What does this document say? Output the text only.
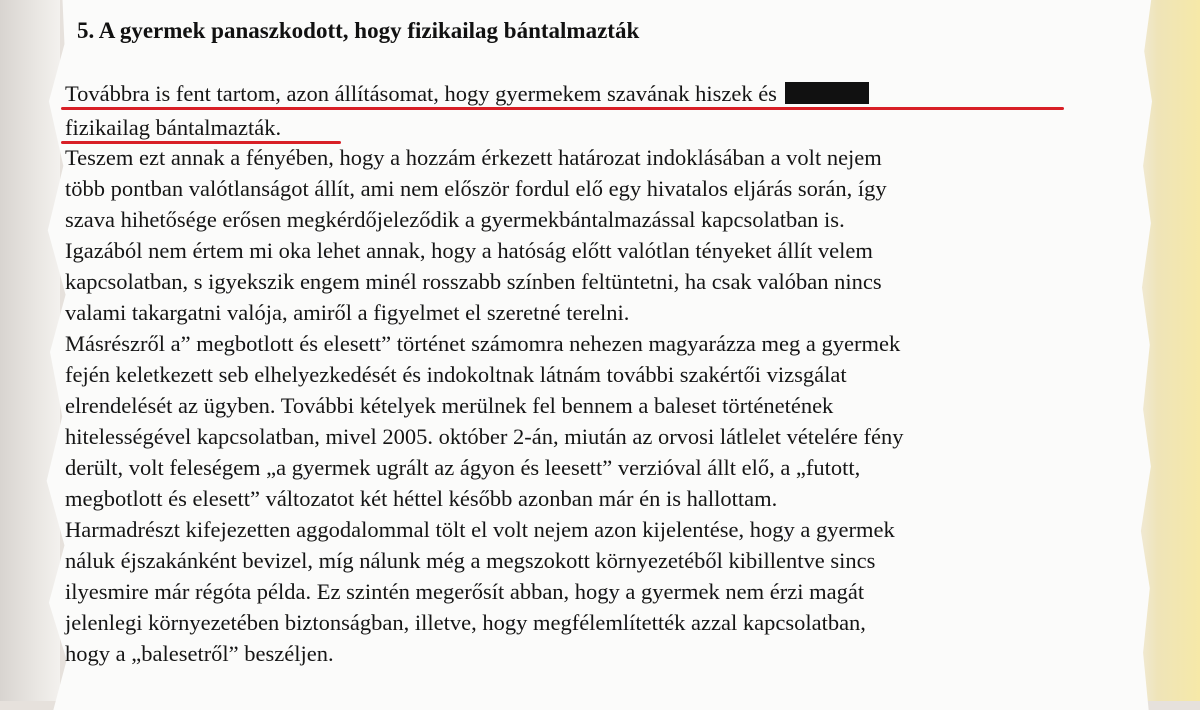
5. A gyermek panaszkodott, hogy fizikailag bántalmazták
Továbbra is fent tartom, azon állításomat, hogy gyermekem szavának hiszek és
fizikailag bántalmazták.
Teszem ezt annak a fényében, hogy a hozzám érkezett határozat indoklásában a volt nejem
több pontban valótlanságot állít, ami nem először fordul elő egy hivatalos eljárás során, így
szava hihetősége erősen megkérdőjeleződik a gyermekbántalmazással kapcsolatban is.
Igazából nem értem mi oka lehet annak, hogy a hatóság előtt valótlan tényeket állít velem
kapcsolatban, s igyekszik engem minél rosszabb színben feltüntetni, ha csak valóban nincs
valami takargatni valója, amiről a figyelmet el szeretné terelni.
Másrészről a” megbotlott és elesett” történet számomra nehezen magyarázza meg a gyermek
fején keletkezett seb elhelyezkedését és indokoltnak látnám további szakértői vizsgálat
elrendelését az ügyben. További kételyek merülnek fel bennem a baleset történetének
hitelességével kapcsolatban, mivel 2005. október 2-án, miután az orvosi látlelet vételére fény
derült, volt feleségem „a gyermek ugrált az ágyon és leesett” verzióval állt elő, a „futott,
megbotlott és elesett” változatot két héttel később azonban már én is hallottam.
Harmadrészt kifejezetten aggodalommal tölt el volt nejem azon kijelentése, hogy a gyermek
náluk éjszakánként bevizel, míg nálunk még a megszokott környezetéből kibillentve sincs
ilyesmire már régóta példa. Ez szintén megerősít abban, hogy a gyermek nem érzi magát
jelenlegi környezetében biztonságban, illetve, hogy megfélemlítették azzal kapcsolatban,
hogy a „balesetről” beszéljen.
